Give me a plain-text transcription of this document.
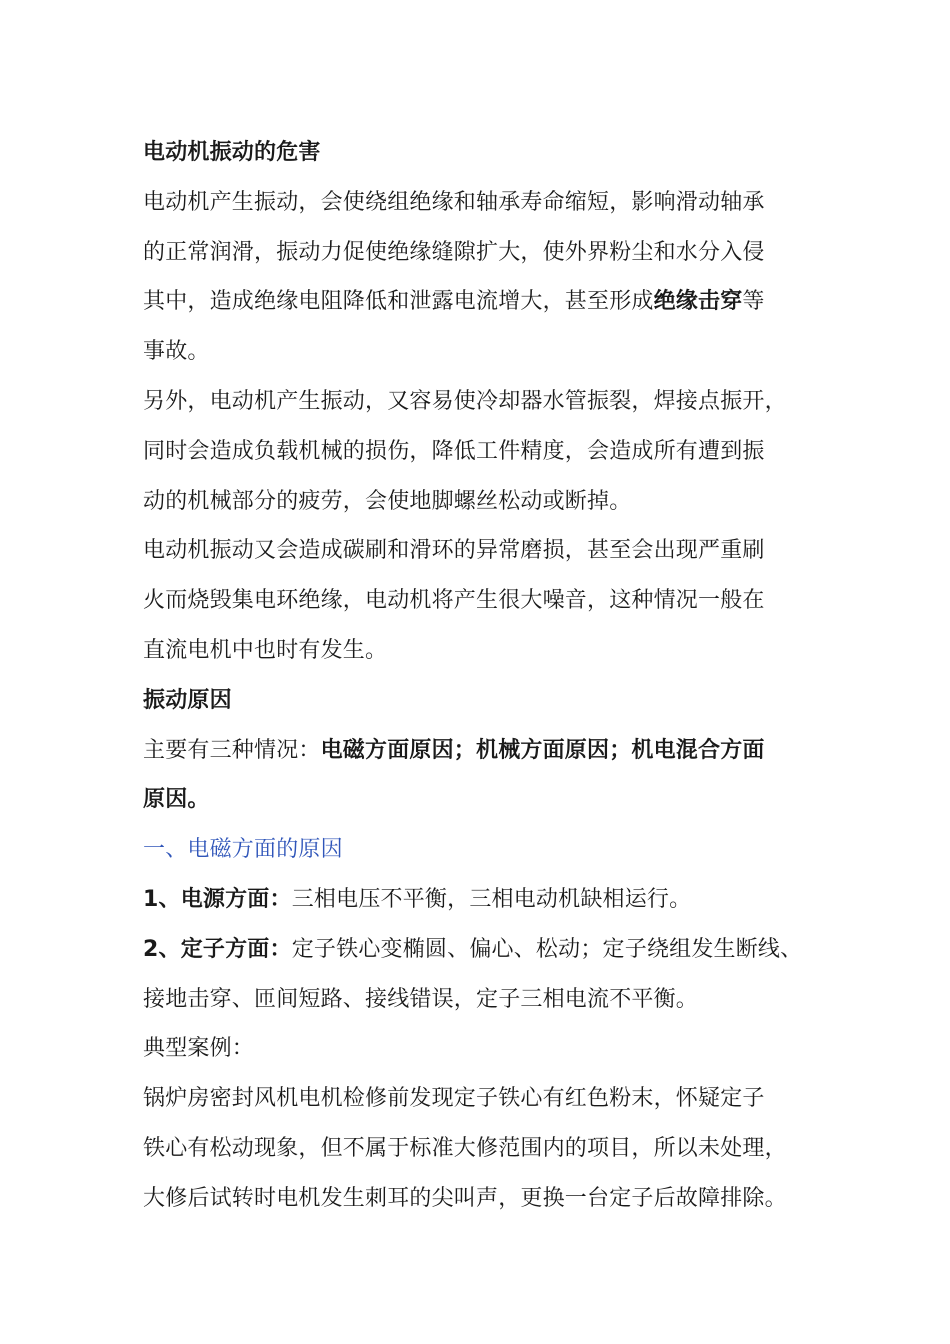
电动机振动的危害
电动机产生振动，会使绕组绝缘和轴承寿命缩短，影响滑动轴承
的正常润滑，振动力促使绝缘缝隙扩大，使外界粉尘和水分入侵
其中，造成绝缘电阻降低和泄露电流增大，甚至形成绝缘击穿等
事故。
另外，电动机产生振动，又容易使冷却器水管振裂，焊接点振开，
同时会造成负载机械的损伤，降低工件精度，会造成所有遭到振
动的机械部分的疲劳，会使地脚螺丝松动或断掉。
电动机振动又会造成碳刷和滑环的异常磨损，甚至会出现严重刷
火而烧毁集电环绝缘，电动机将产生很大噪音，这种情况一般在
直流电机中也时有发生。
振动原因
主要有三种情况：电磁方面原因；机械方面原因；机电混合方面
原因。
一、电磁方面的原因
1、电源方面：三相电压不平衡，三相电动机缺相运行。
2、定子方面：定子铁心变椭圆、偏心、松动；定子绕组发生断线、
接地击穿、匝间短路、接线错误，定子三相电流不平衡。
典型案例：
锅炉房密封风机电机检修前发现定子铁心有红色粉末，怀疑定子
铁心有松动现象，但不属于标准大修范围内的项目，所以未处理，
大修后试转时电机发生刺耳的尖叫声，更换一台定子后故障排除。
